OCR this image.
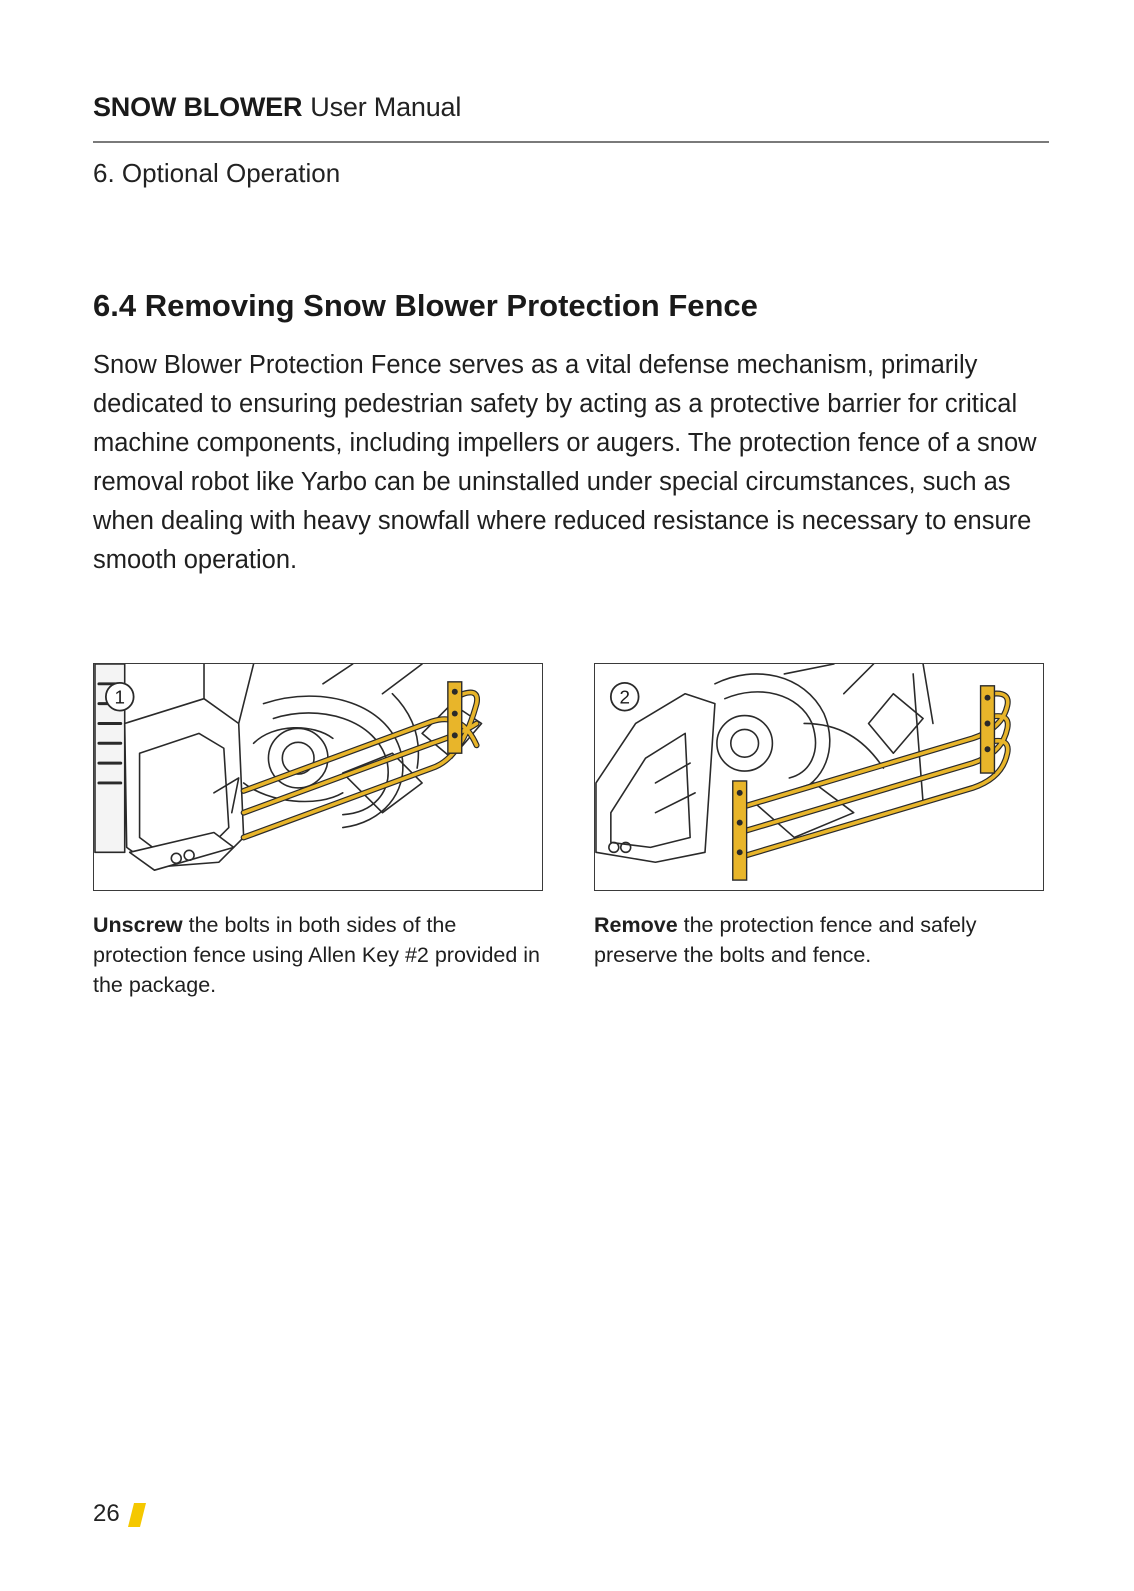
SNOW BLOWER User Manual
6. Optional Operation
6.4 Removing Snow Blower Protection Fence

Snow Blower Protection Fence serves as a vital defense mechanism, primarily dedicated to ensuring pedestrian safety by acting as a protective barrier for critical machine components, including impellers or augers. The protection fence of a snow removal robot like Yarbo can be uninstalled under special circumstances, such as when dealing with heavy snowfall where reduced resistance is necessary to ensure smooth operation.

1	2

Unscrew the bolts in both sides of the protection fence using Allen Key #2 provided in the package.

Remove the protection fence and safely preserve the bolts and fence.

26
